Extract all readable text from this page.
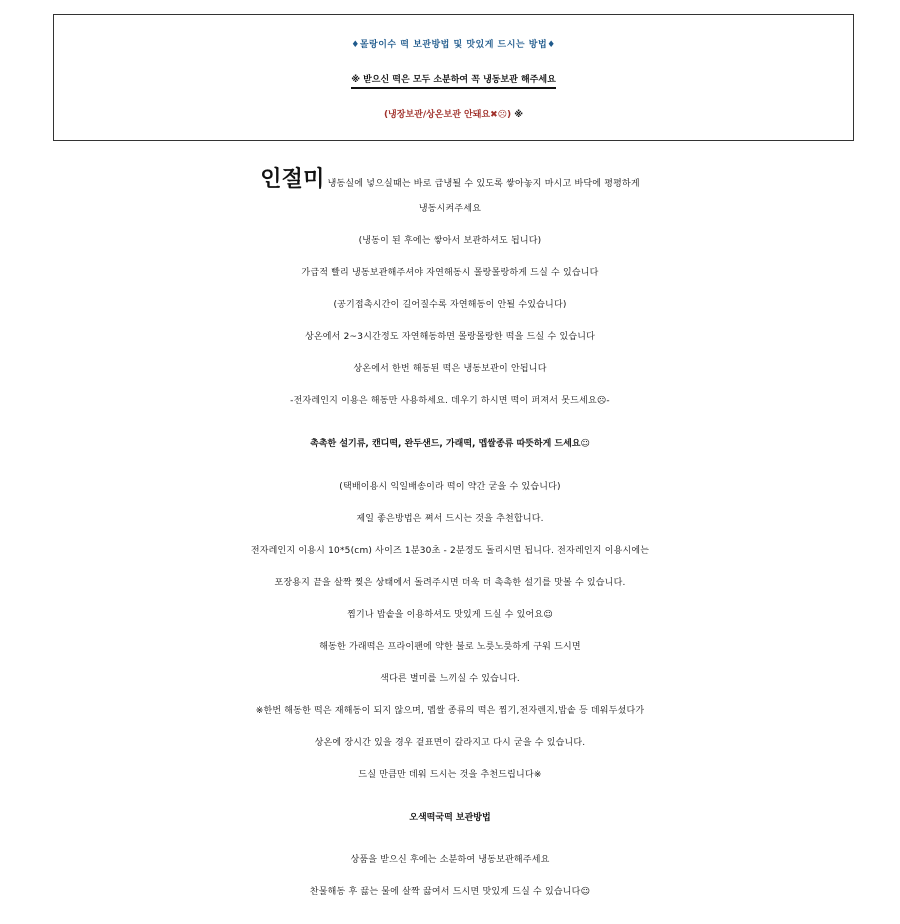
♦몰랑이수 떡 보관방법 및 맛있게 드시는 방법♦
※ 받으신 떡은 모두 소분하여 꼭 냉동보관 해주세요
(냉장보관/상온보관 안돼요✖☹) ※
인절미 냉동실에 넣으실때는 바로 급냉될 수 있도록 쌓아놓지 마시고 바닥에 평평하게
냉동시켜주세요
(냉동이 된 후에는 쌓아서 보관하셔도 됩니다)
가급적 빨리 냉동보관해주셔야 자연해동시 몰랑몰랑하게 드실 수 있습니다
(공기접촉시간이 길어질수록 자연해동이 안될 수있습니다)
상온에서 2~3시간정도 자연해동하면 몰랑몰랑한 떡을 드실 수 있습니다
상온에서 한번 해동된 떡은 냉동보관이 안됩니다
-전자레인지 이용은 해동만 사용하세요. 데우기 하시면 떡이 퍼져서 못드세요☹-
촉촉한 설기류, 캔디떡, 완두샌드, 가래떡, 멥쌀종류 따뜻하게 드세요☺
(택배이용시 익일배송이라 떡이 약간 굳을 수 있습니다)
제일 좋은방법은 쪄서 드시는 것을 추천합니다.
전자레인지 이용시 10*5(cm) 사이즈 1분30초 - 2분정도 돌리시면 됩니다. 전자레인지 이용시에는
포장용지 끝을 살짝 찢은 상태에서 돌려주시면 더욱 더 촉촉한 설기를 맛볼 수 있습니다.
찜기나 밥솥을 이용하셔도 맛있게 드실 수 있어요☺
해동한 가래떡은 프라이팬에 약한 불로 노릇노릇하게 구워 드시면
색다른 별미를 느끼실 수 있습니다.
※한번 해동한 떡은 재해동이 되지 않으며, 멥쌀 종류의 떡은 찜기,전자렌지,밥솥 등 데워두셨다가
상온에 장시간 있을 경우 겉표면이 갈라지고 다시 굳을 수 있습니다.
드실 만큼만 데워 드시는 것을 추천드립니다※
오색떡국떡 보관방법
상품을 받으신 후에는 소분하여 냉동보관해주세요
찬물해동 후 끓는 물에 살짝 끓여서 드시면 맛있게 드실 수 있습니다☺
